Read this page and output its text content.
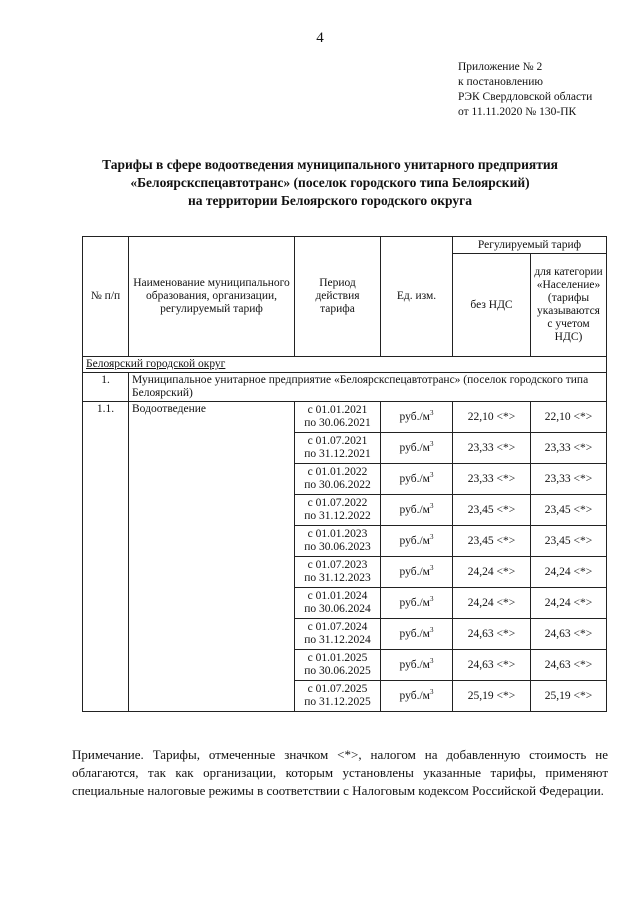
4
Приложение № 2
к постановлению
РЭК Свердловской области
от 11.11.2020 № 130-ПК
Тарифы в сфере водоотведения муниципального унитарного предприятия
«Белоярскспецавтотранс» (поселок городского типа Белоярский)
на территории Белоярского городского округа
№ п/п	Наименование муниципального образования, организации, регулируемый тариф	Период действия тарифа	Ед. изм.	Регулируемый тариф	
				без НДС	для категории «Население» (тарифы указываются с учетом НДС)
Белоярский городской округ					
1.	Муниципальное унитарное предприятие «Белоярскспецавтотранс» (поселок городского типа Белоярский)				
1.1.	Водоотведение	с 01.01.2021
по 30.06.2021	$руб./м^3$	22,10 <*>	22,10 <*>

		с 01.07.2021
по 31.12.2021	$руб./м^3$	23,33 <*>	23,33 <*>

		с 01.01.2022
по 30.06.2022	$руб./м^3$	23,33 <*>	23,33 <*>

		с 01.07.2022
по 31.12.2022	$руб./м^3$	23,45 <*>	23,45 <*>

		с 01.01.2023
по 30.06.2023	$руб./м^3$	23,45 <*>	23,45 <*>

		с 01.07.2023
по 31.12.2023	$руб./м^3$	24,24 <*>	24,24 <*>

		с 01.01.2024
по 30.06.2024	$руб./м^3$	24,24 <*>	24,24 <*>

		с 01.07.2024
по 31.12.2024	$руб./м^3$	24,63 <*>	24,63 <*>

		с 01.01.2025
по 30.06.2025	$руб./м^3$	24,63 <*>	24,63 <*>

		с 01.07.2025
по 31.12.2025	$руб./м^3$	25,19 <*>	25,19 <*>
Примечание. Тарифы, отмеченные значком <*>, налогом на добавленную стоимость не облагаются, так как организации, которым установлены указанные тарифы, применяют специальные налоговые режимы в соответствии с Налоговым кодексом Российской Федерации.
